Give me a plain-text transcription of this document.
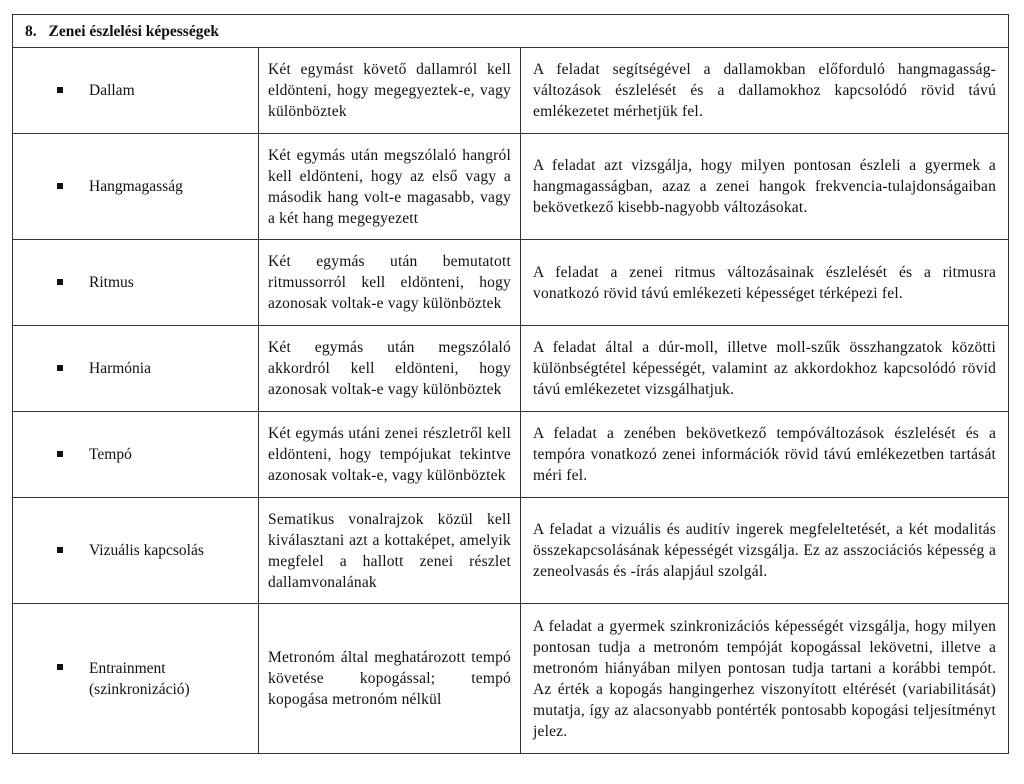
8. Zenei észlelési képességek		

Dallam	Két egymást követő dallamról kell eldönteni, hogy megegyeztek-e, vagy különböztek	A feladat segítségével a dallamokban előforduló hangmagasság-változások észlelését és a dallamokhoz kapcsolódó rövid távú emlékezetet mérhetjük fel.

Hangmagasság	Két egymás után megszólaló hangról kell eldönteni, hogy az első vagy a második hang volt-e magasabb, vagy a két hang megegyezett	A feladat azt vizsgálja, hogy milyen pontosan észleli a gyermek a hangmagasságban, azaz a zenei hangok frekvencia-tulajdonságaiban bekövetkező kisebb-nagyobb változásokat.

Ritmus	Két egymás után bemutatott ritmussorról kell eldönteni, hogy azonosak voltak-e vagy különböztek	A feladat a zenei ritmus változásainak észlelését és a ritmusra vonatkozó rövid távú emlékezeti képességet térképezi fel.

Harmónia	Két egymás után megszólaló akkordról kell eldönteni, hogy azonosak voltak-e vagy különböztek	A feladat által a dúr-moll, illetve moll-szűk összhangzatok közötti különbségtétel képességét, valamint az akkordokhoz kapcsolódó rövid távú emlékezetet vizsgálhatjuk.

Tempó	Két egymás utáni zenei részletről kell eldönteni, hogy tempójukat tekintve azonosak voltak-e, vagy különböztek	A feladat a zenében bekövetkező tempóváltozások észlelését és a tempóra vonatkozó zenei információk rövid távú emlékezetben tartását méri fel.

Vizuális kapcsolás	Sematikus vonalrajzok közül kell kiválasztani azt a kottaképet, amelyik megfelel a hallott zenei részlet dallamvonalának	A feladat a vizuális és auditív ingerek megfeleltetését, a két modalitás összekapcsolásának képességét vizsgálja. Ez az asszociációs képesség a zeneolvasás és -írás alapjául szolgál.

Entrainment
(szinkronizáció)	Metronóm által meghatározott tempó követése kopogással; tempó kopogása metronóm nélkül	A feladat a gyermek szinkronizációs képességét vizsgálja, hogy milyen pontosan tudja a metronóm tempóját kopogással lekövetni, illetve a metronóm hiányában milyen pontosan tudja tartani a korábbi tempót. Az érték a kopogás hangingerhez viszonyított eltérését (variabilitását) mutatja, így az alacsonyabb pontérték pontosabb kopogási teljesítményt jelez.
